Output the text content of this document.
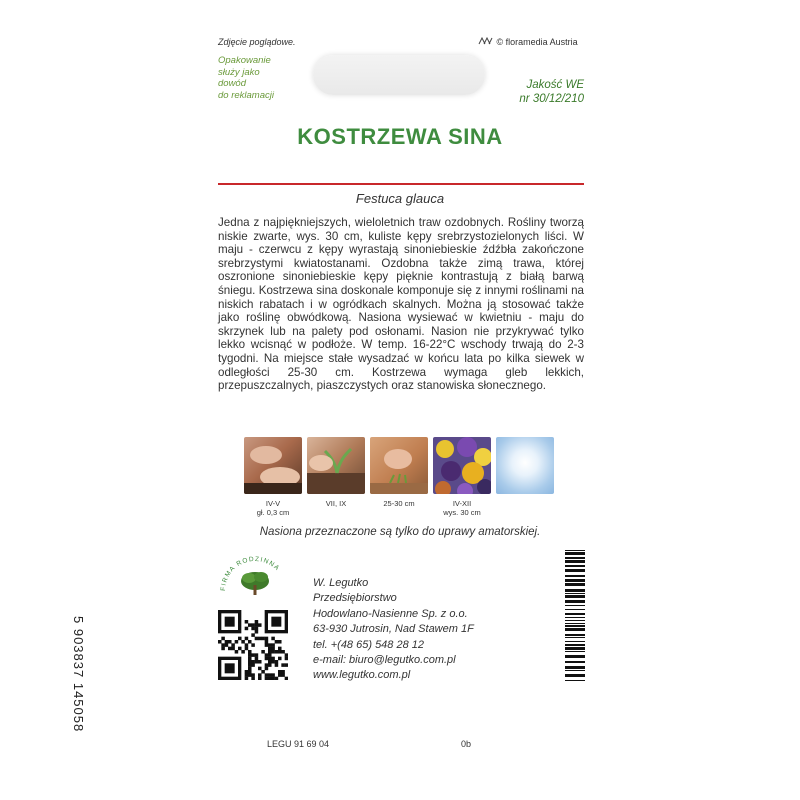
Zdjęcie poglądowe.
Opakowanie
służy jako
dowód
do reklamacji
© floramedia Austria
Jakość WE
nr 30/12/210
KOSTRZEWA SINA
Festuca glauca
Jedna z najpiękniejszych, wieloletnich traw ozdobnych. Rośliny tworzą niskie zwarte, wys. 30 cm, kuliste kępy srebrzystozielonych liści. W maju - czerwcu z kępy wyrastają sinoniebieskie źdźbła zakończone srebrzystymi kwiatostanami. Ozdobna także zimą trawa, której oszronione sinoniebieskie kępy pięknie kontrastują z białą barwą śniegu. Kostrzewa sina doskonale komponuje się z innymi roślinami na niskich rabatach i w ogródkach skalnych. Można ją stosować także jako roślinę obwódkową. Nasiona wysiewać w kwietniu - maju do skrzynek lub na palety pod osłonami. Nasion nie przykrywać tylko lekko wcisnąć w podłoże. W temp. 16-22°C wschody trwają do 2-3 tygodni. Na miejsce stałe wysadzać w końcu lata po kilka siewek w odległości 25-30 cm. Kostrzewa wymaga gleb lekkich, przepuszczalnych, piaszczystych oraz stanowiska słonecznego.
IV-V
gł. 0,3 cm
VII, IX	25-30 cm	IV-XII
wys. 30 cm
Nasiona przeznaczone są tylko do uprawy amatorskiej.
FIRMA RODZINNA
W. Legutko
Przedsiębiorstwo
Hodowlano-Nasienne Sp. z o.o.
63-930 Jutrosin, Nad Stawem 1F
tel. +(48 65) 548 28 12
e-mail: biuro@legutko.com.pl
www.legutko.com.pl
5 903837 145058
LEGU 91 69 04	0b
